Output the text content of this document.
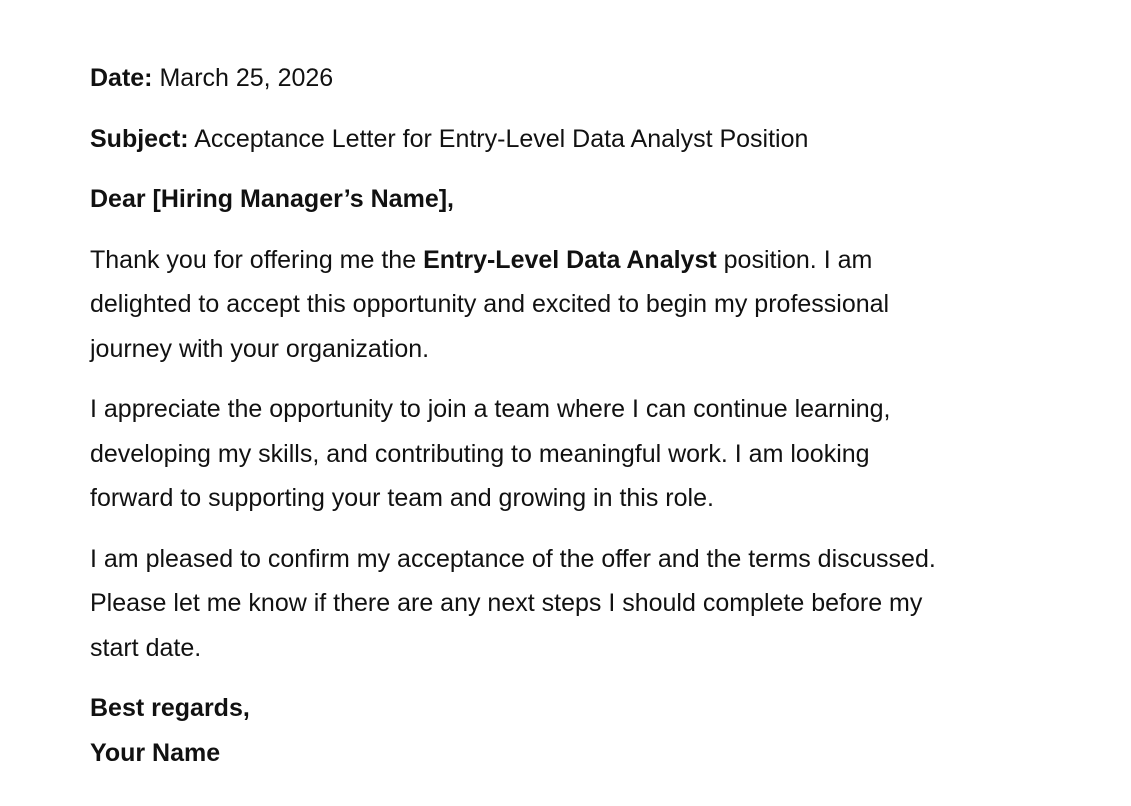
Date: March 25, 2026
Subject: Acceptance Letter for Entry-Level Data Analyst Position
Dear [Hiring Manager’s Name],
Thank you for offering me the Entry-Level Data Analyst position. I am
delighted to accept this opportunity and excited to begin my professional
journey with your organization.
I appreciate the opportunity to join a team where I can continue learning,
developing my skills, and contributing to meaningful work. I am looking
forward to supporting your team and growing in this role.
I am pleased to confirm my acceptance of the offer and the terms discussed.
Please let me know if there are any next steps I should complete before my
start date.
Best regards,
Your Name
